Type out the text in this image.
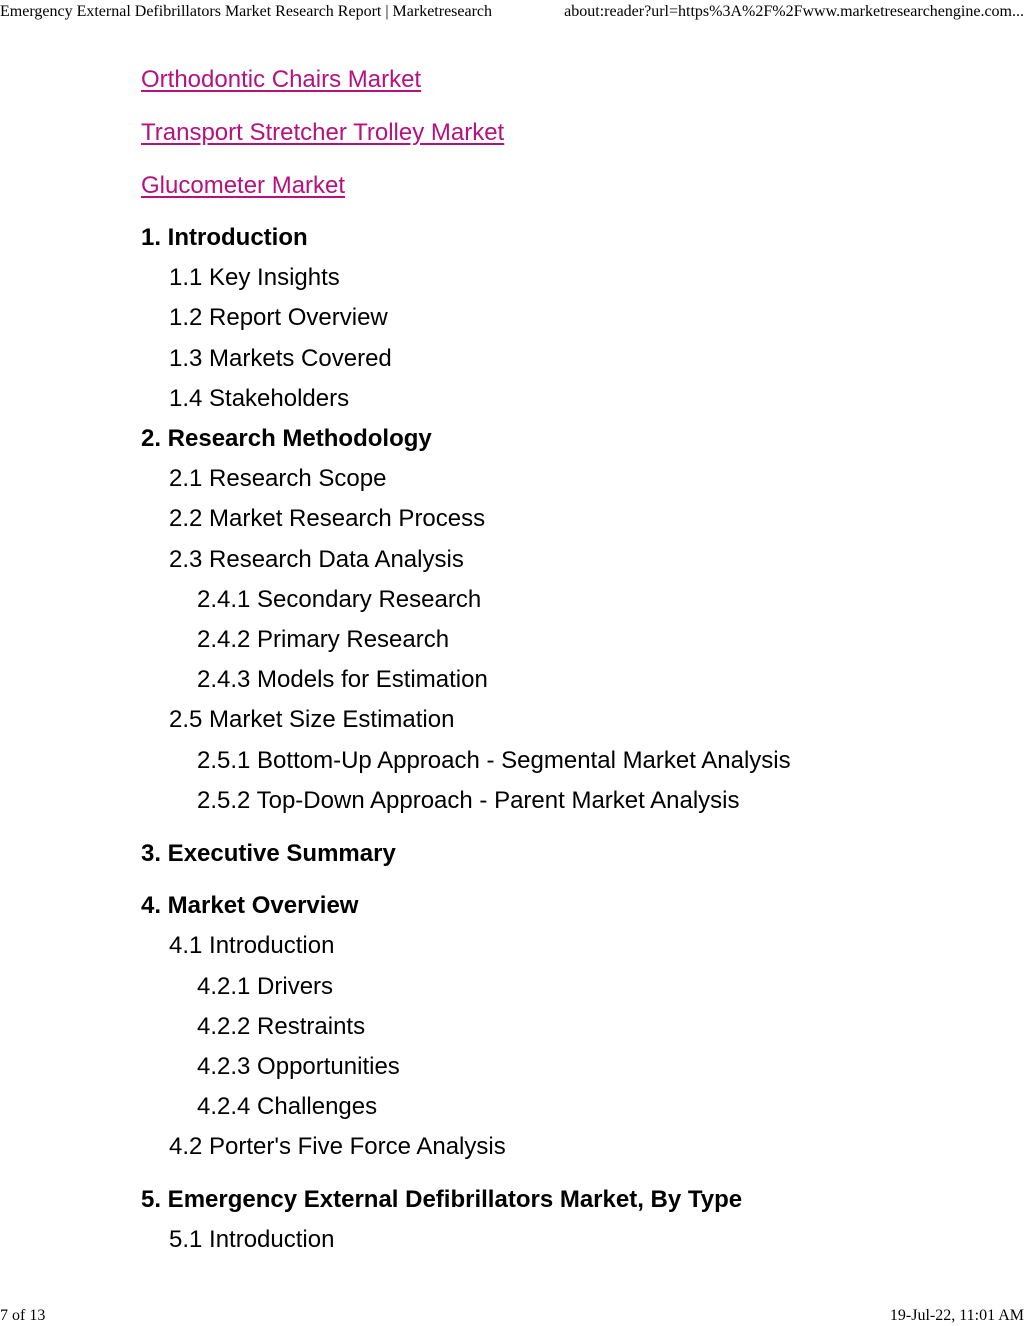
Emergency External Defibrillators Market Research Report | Marketresearch	about:reader?url=https%3A%2F%2Fwww.marketresearchengine.com...
Orthodontic Chairs Market
Transport Stretcher Trolley Market
Glucometer Market
1. Introduction
1.1 Key Insights
1.2 Report Overview
1.3 Markets Covered
1.4 Stakeholders
2. Research Methodology
2.1 Research Scope
2.2 Market Research Process
2.3 Research Data Analysis
2.4.1 Secondary Research
2.4.2 Primary Research
2.4.3 Models for Estimation
2.5 Market Size Estimation
2.5.1 Bottom-Up Approach - Segmental Market Analysis
2.5.2 Top-Down Approach - Parent Market Analysis
3. Executive Summary
4. Market Overview
4.1 Introduction
4.2.1 Drivers
4.2.2 Restraints
4.2.3 Opportunities
4.2.4 Challenges
4.2 Porter's Five Force Analysis
5. Emergency External Defibrillators Market, By Type
5.1 Introduction
7 of 13	19-Jul-22, 11:01 AM
